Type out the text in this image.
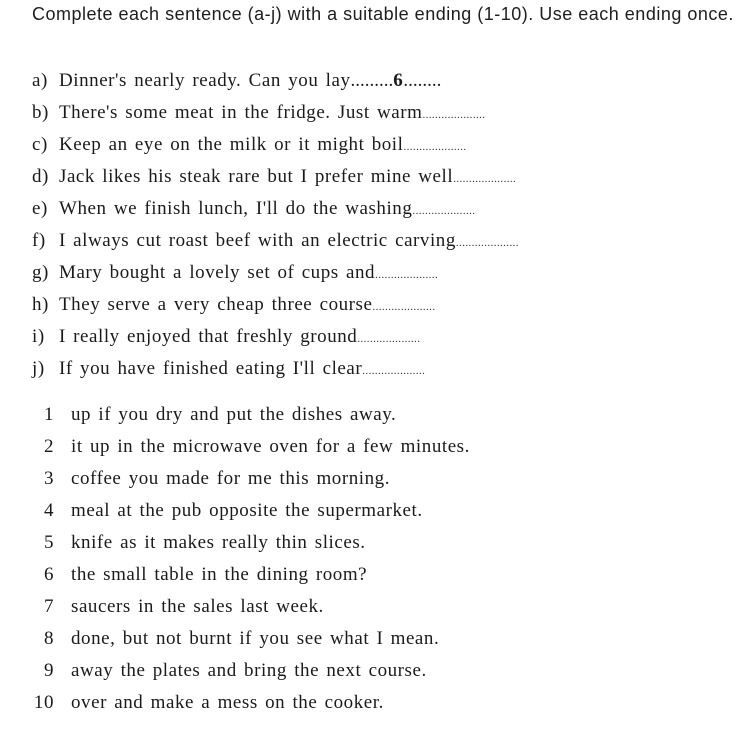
Complete each sentence (a-j) with a suitable ending (1-10). Use each ending once.

a) Dinner's nearly ready. Can you lay ......... 6 ........
b) There's some meat in the fridge. Just warm ....................
c) Keep an eye on the milk or it might boil ....................
d) Jack likes his steak rare but I prefer mine well ....................
e) When we finish lunch, I'll do the washing ....................
f) I always cut roast beef with an electric carving ....................
g) Mary bought a lovely set of cups and ....................
h) They serve a very cheap three course ....................
i) I really enjoyed that freshly ground ....................
j) If you have finished eating I'll clear ....................
1 up if you dry and put the dishes away.
2 it up in the microwave oven for a few minutes.
3 coffee you made for me this morning.
4 meal at the pub opposite the supermarket.
5 knife as it makes really thin slices.
6 the small table in the dining room?
7 saucers in the sales last week.
8 done, but not burnt if you see what I mean.
9 away the plates and bring the next course.
10 over and make a mess on the cooker.
